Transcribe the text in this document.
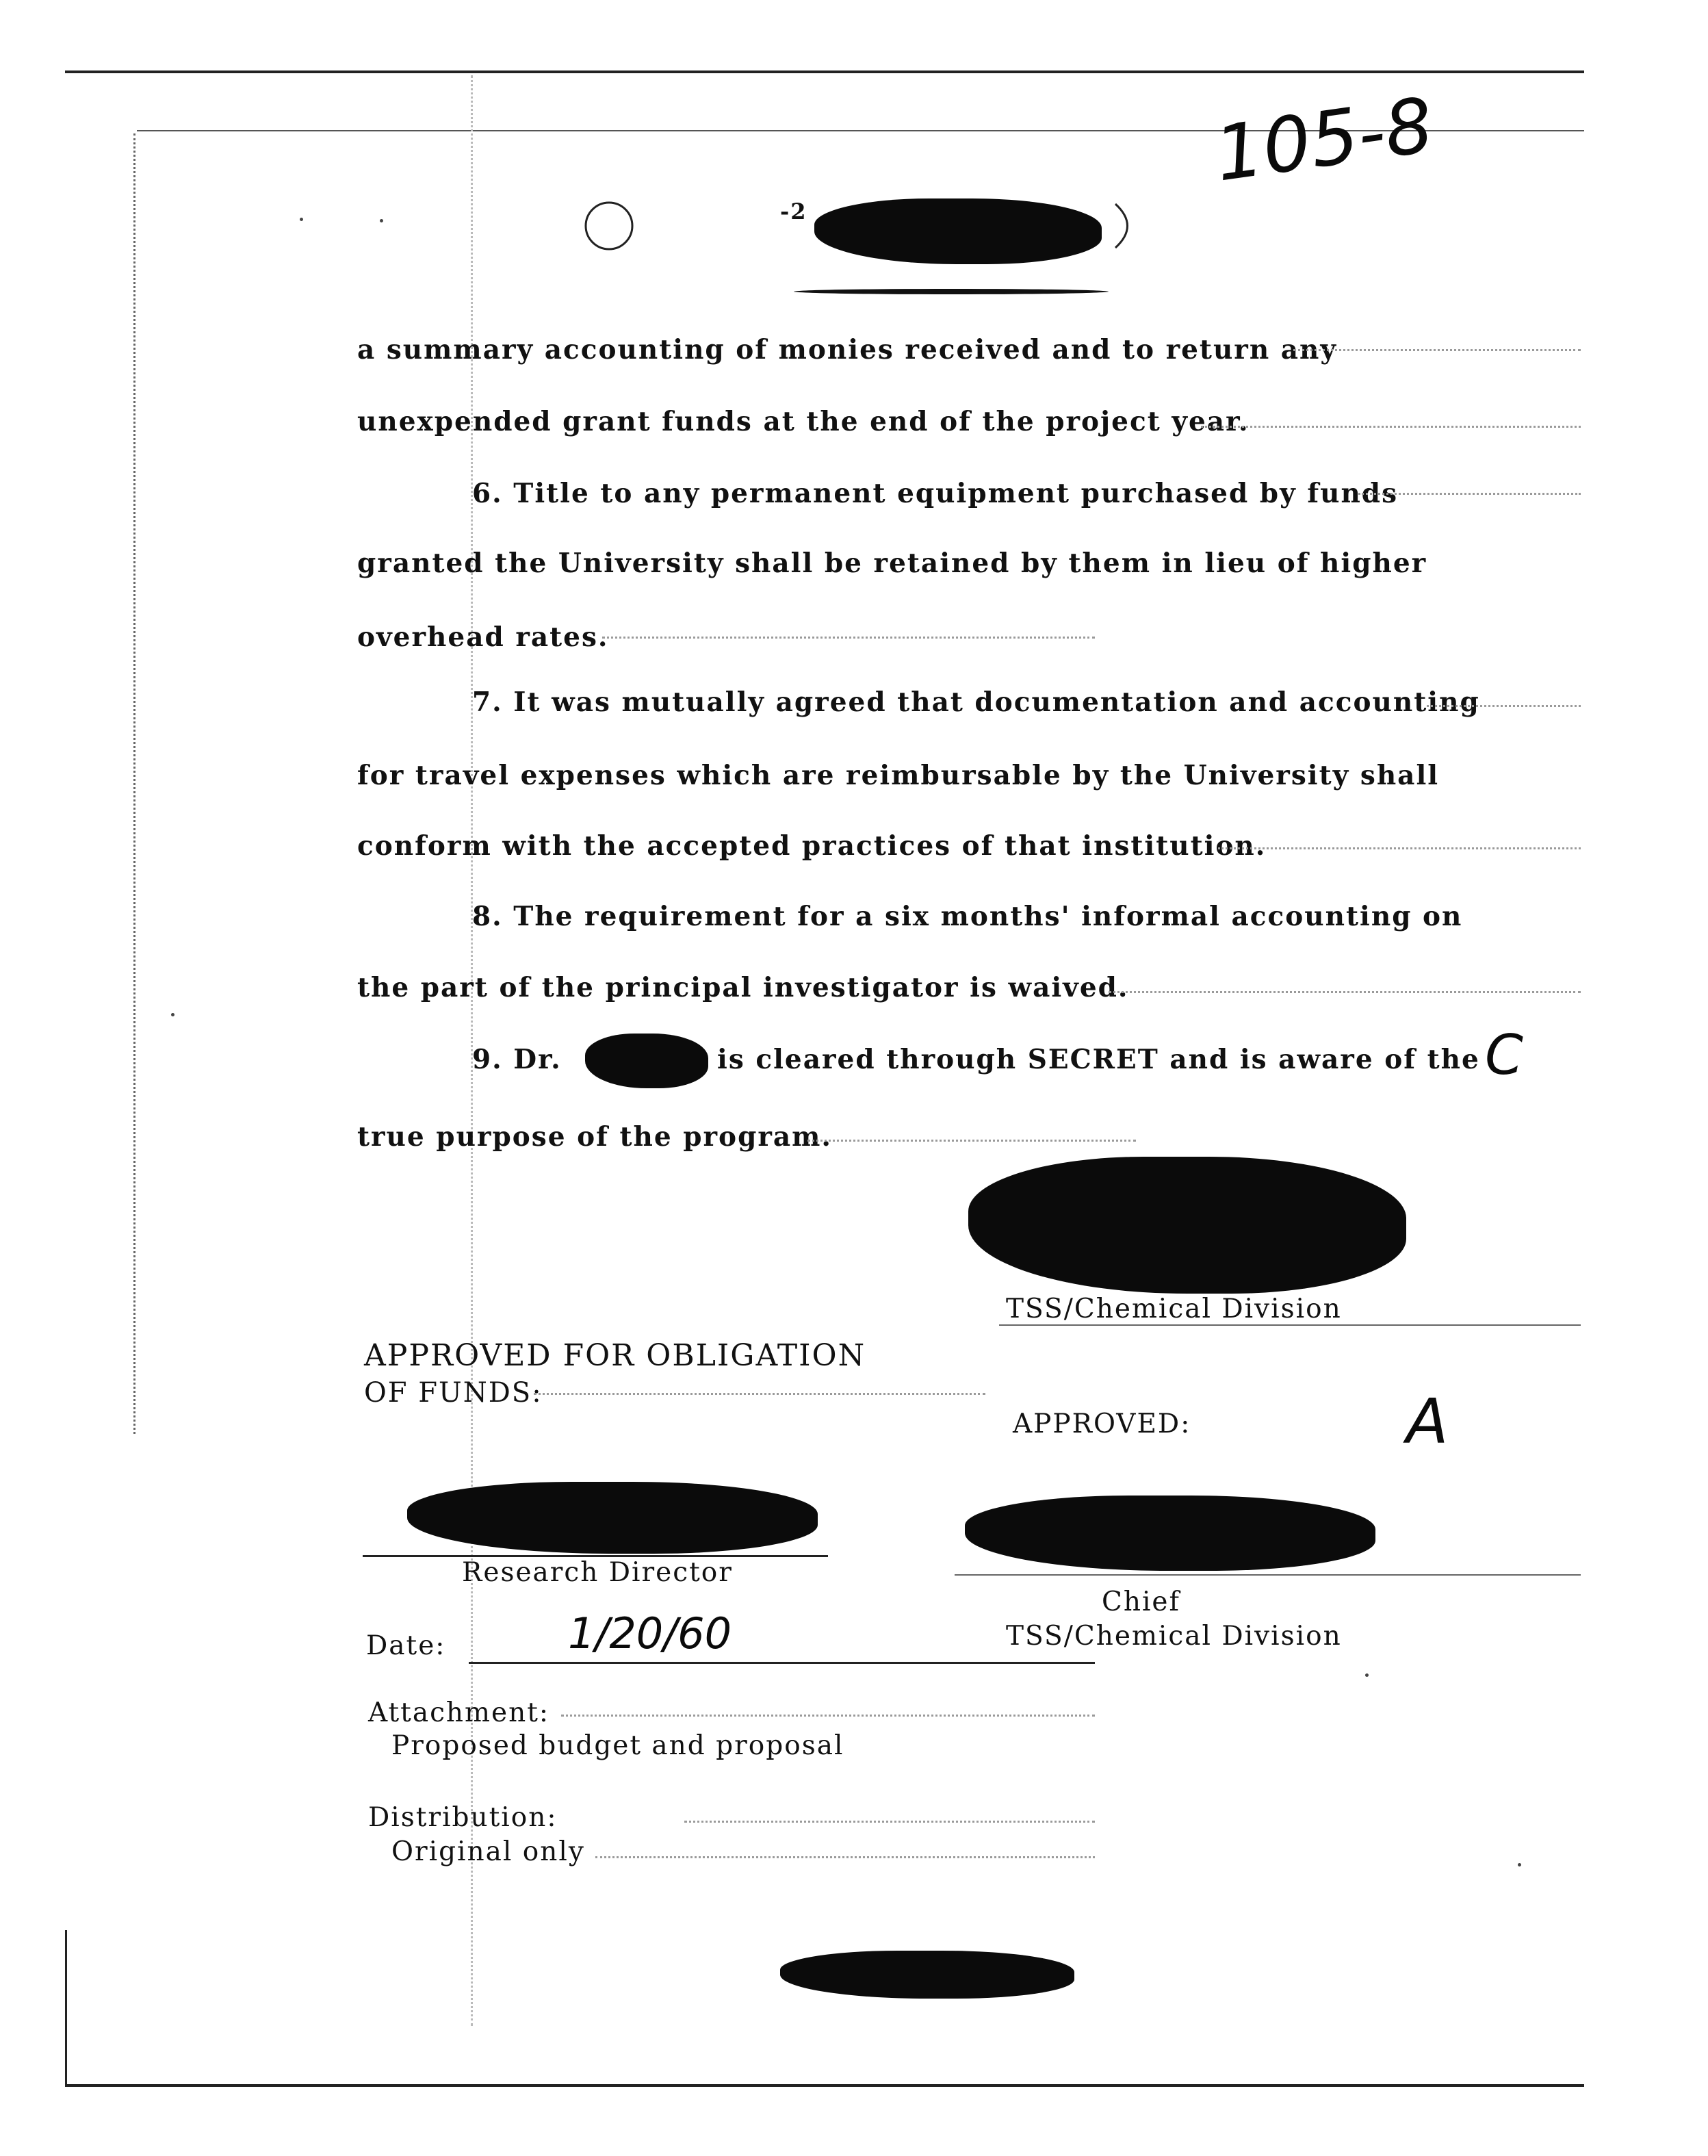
105-8
-2
a summary accounting of monies received and to return any
unexpended grant funds at the end of the project year.
6. Title to any permanent equipment purchased by funds
granted the University shall be retained by them in lieu of higher
overhead rates.
7. It was mutually agreed that documentation and accounting
for travel expenses which are reimbursable by the University shall
conform with the accepted practices of that institution.
8. The requirement for a six months' informal accounting on
the part of the principal investigator is waived.
9. Dr.	is cleared through SECRET and is aware of the C
true purpose of the program.
TSS/Chemical Division
APPROVED FOR OBLIGATION
OF FUNDS:
APPROVED:	A
Research Director
Chief
TSS/Chemical Division
Date:	1/20/60
Attachment:
Proposed budget and proposal
Distribution:
Original only
